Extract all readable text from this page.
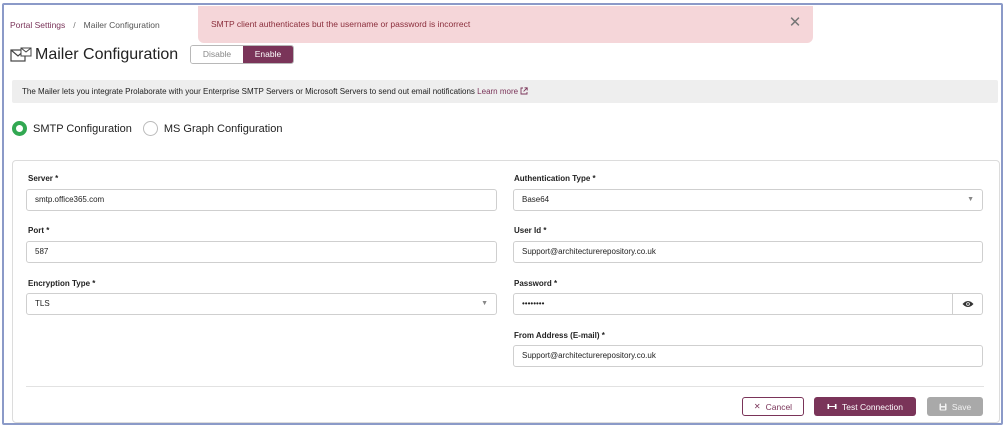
Portal Settings / Mailer Configuration	SMTP client authenticates but the username or password is incorrect	✕
Mailer Configuration	Disable	Enable
The Mailer lets you integrate Prolaborate with your Enterprise SMTP Servers or Microsoft Servers to send out email notifications Learn more
SMTP Configuration	MS Graph Configuration
Server *
smtp.office365.com
Port *
587
Encryption Type *
TLS	▼
Authentication Type *
Base64	▼
User Id *
Support@architecturerepository.co.uk
Password *
••••••••
From Address (E-mail) *
Support@architecturerepository.co.uk
✕ Cancel	Test Connection	Save
